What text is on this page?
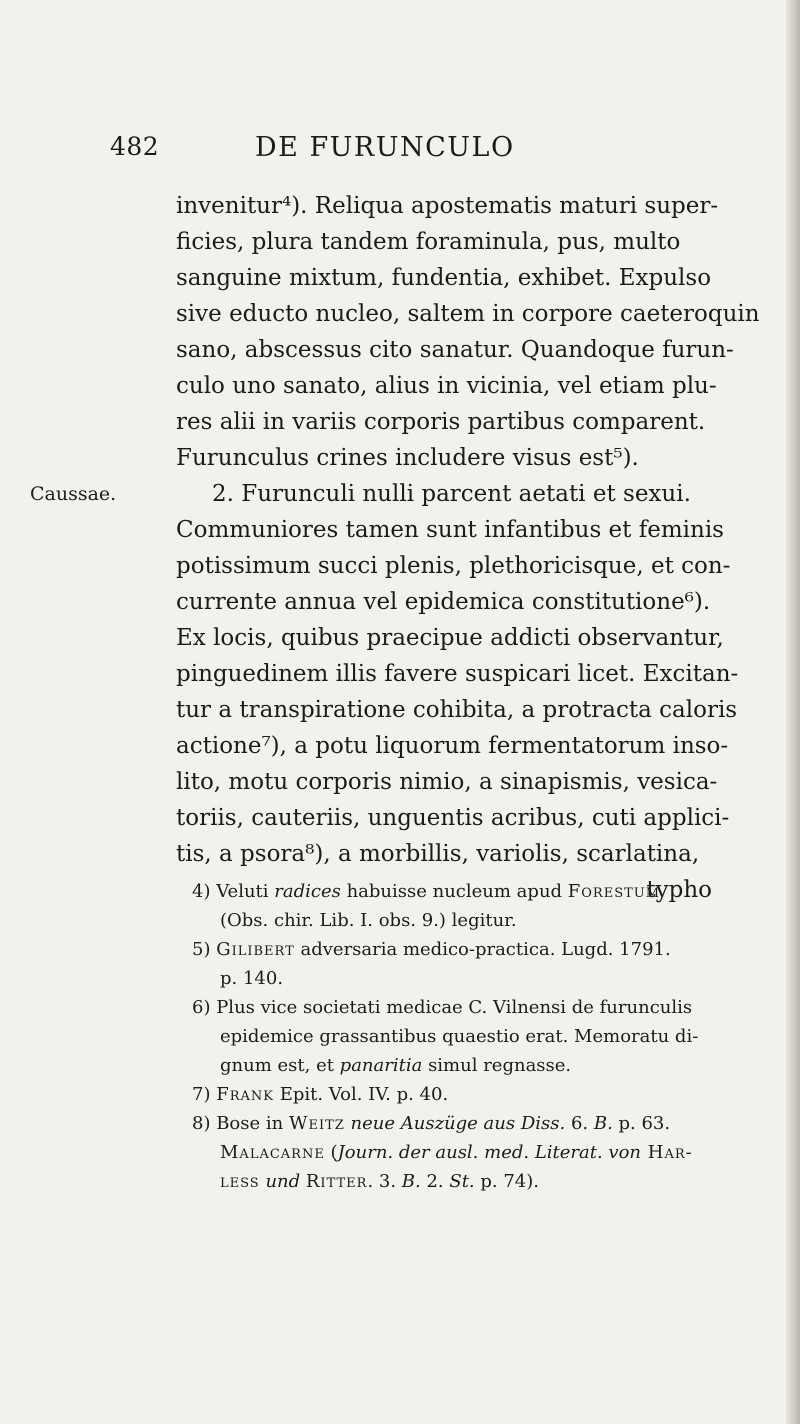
482	DE FURUNCULO
invenitur⁴). Reliqua apostematis maturi super-
ficies, plura tandem foraminula, pus, multo
sanguine mixtum, fundentia, exhibet. Expulso
sive educto nucleo, saltem in corpore caeteroquin
sano, abscessus cito sanatur. Quandoque furun-
culo uno sanato, alius in vicinia, vel etiam plu-
res alii in variis corporis partibus comparent.
Furunculus crines includere visus est⁵).
Caussae.	2. Furunculi nulli parcent aetati et sexui.
Communiores tamen sunt infantibus et feminis
potissimum succi plenis, plethoricisque, et con-
currente annua vel epidemica constitutione⁶).
Ex locis, quibus praecipue addicti observantur,
pinguedinem illis favere suspicari licet. Excitan-
tur a transpiratione cohibita, a protracta caloris
actione⁷), a potu liquorum fermentatorum inso-
lito, motu corporis nimio, a sinapismis, vesica-
toriis, cauteriis, unguentis acribus, cuti applici-
tis, a psora⁸), a morbillis, variolis, scarlatina,
typho
4) Veluti radices habuisse nucleum apud Forestum
(Obs. chir. Lib. I. obs. 9.) legitur.
5) Gilibert adversaria medico-practica. Lugd. 1791.
p. 140.
6) Plus vice societati medicae C. Vilnensi de furunculis
epidemice grassantibus quaestio erat. Memoratu di-
gnum est, et panaritia simul regnasse.
7) Frank Epit. Vol. IV. p. 40.
8) Bose in Weitz neue Auszüge aus Diss. 6. B. p. 63.
Malacarne (Journ. der ausl. med. Literat. von Har-
less und Ritter. 3. B. 2. St. p. 74).
